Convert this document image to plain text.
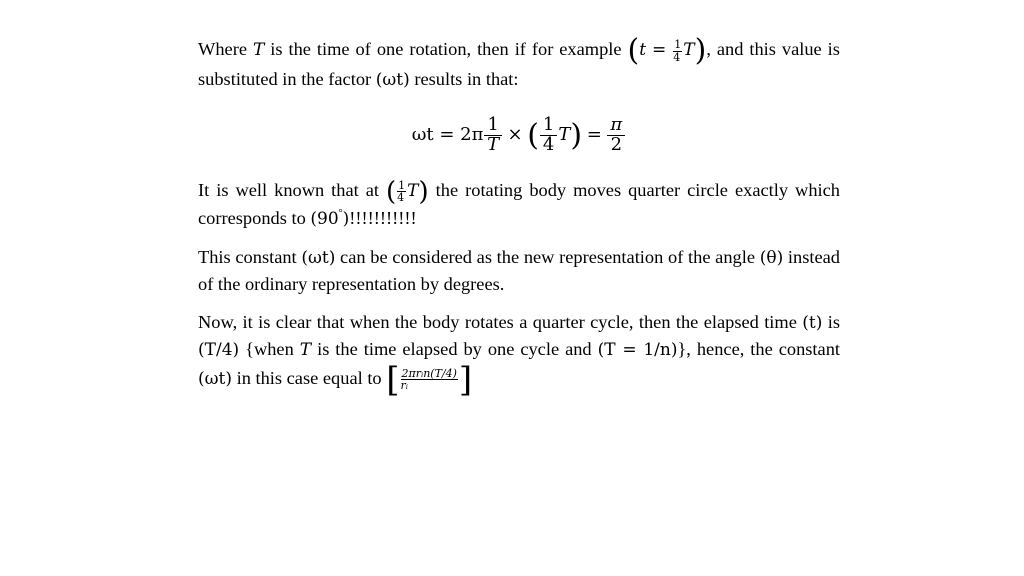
Where T is the time of one rotation, then if for example $(t = \frac{1}{4} T)$, and this value is substituted in the factor (ωt) results in that:

$\omega t = 2\pi \frac{1}{T}$ × ( $\frac{1}{4} T) = \frac{\pi}{2}$

It is well known that at ( $\frac{1}{4} T$) the rotating body moves quarter circle exactly which corresponds to (90°)!!!!!!!!!!!

This constant (ωt) can be considered as the new representation of the angle (θ) instead of the ordinary representation by degrees.

Now, it is clear that when the body rotates a quarter cycle, then the elapsed time (t) is (T/4) {when T is the time elapsed by one cycle and (T = 1/n)}, hence, the constant (ωt) in this case equal to [ $\frac{\text{2πrᵢn(T/4)}}{\text{rᵢ}}$ ]
